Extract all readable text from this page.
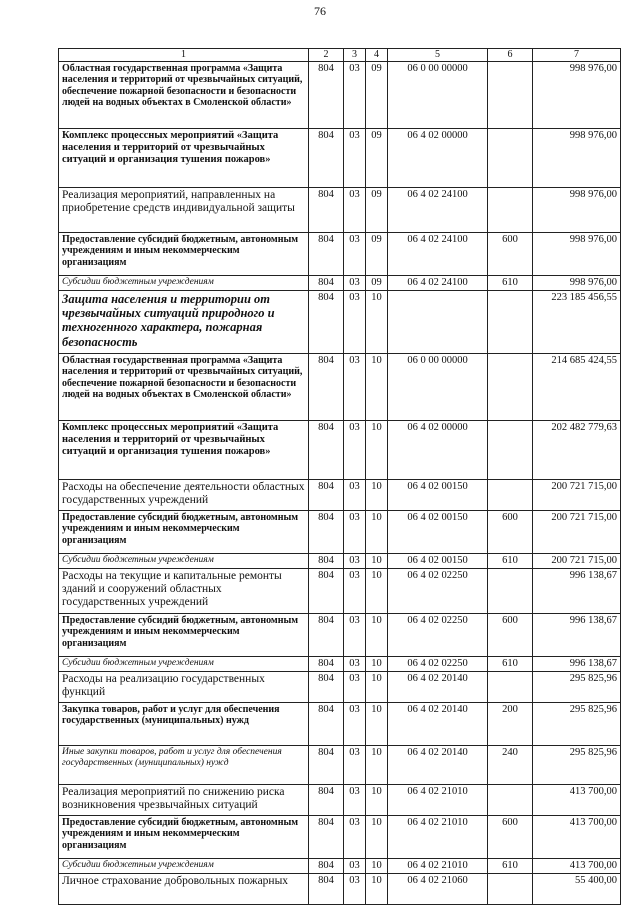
76
1	2	3	4	5	6	7
Областная государственная программа «Защита населения и территорий от чрезвычайных ситуаций, обеспечение пожарной безопасности и безопасности людей на водных объектах в Смоленской области»	804	03	09	06 0 00 00000		998 976,00
Комплекс процессных мероприятий «Защита населения и территорий от чрезвычайных ситуаций и организация тушения пожаров»	804	03	09	06 4 02 00000		998 976,00
Реализация мероприятий, направленных на приобретение средств индивидуальной защиты	804	03	09	06 4 02 24100		998 976,00
Предоставление субсидий бюджетным, автономным учреждениям и иным некоммерческим организациям	804	03	09	06 4 02 24100	600	998 976,00
Субсидии бюджетным учреждениям	804	03	09	06 4 02 24100	610	998 976,00
Защита населения и территории от чрезвычайных ситуаций природного и техногенного характера, пожарная безопасность	804	03	10			223 185 456,55
Областная государственная программа «Защита населения и территорий от чрезвычайных ситуаций, обеспечение пожарной безопасности и безопасности людей на водных объектах в Смоленской области»	804	03	10	06 0 00 00000		214 685 424,55
Комплекс процессных мероприятий «Защита населения и территорий от чрезвычайных ситуаций и организация тушения пожаров»	804	03	10	06 4 02 00000		202 482 779,63
Расходы на обеспечение деятельности областных государственных учреждений	804	03	10	06 4 02 00150		200 721 715,00
Предоставление субсидий бюджетным, автономным учреждениям и иным некоммерческим организациям	804	03	10	06 4 02 00150	600	200 721 715,00
Субсидии бюджетным учреждениям	804	03	10	06 4 02 00150	610	200 721 715,00
Расходы на текущие и капитальные ремонты зданий и сооружений областных государственных учреждений	804	03	10	06 4 02 02250		996 138,67
Предоставление субсидий бюджетным, автономным учреждениям и иным некоммерческим организациям	804	03	10	06 4 02 02250	600	996 138,67
Субсидии бюджетным учреждениям	804	03	10	06 4 02 02250	610	996 138,67
Расходы на реализацию государственных функций	804	03	10	06 4 02 20140		295 825,96
Закупка товаров, работ и услуг для обеспечения государственных (муниципальных) нужд	804	03	10	06 4 02 20140	200	295 825,96
Иные закупки товаров, работ и услуг для обеспечения государственных (муниципальных) нужд	804	03	10	06 4 02 20140	240	295 825,96
Реализация мероприятий по снижению риска возникновения чрезвычайных ситуаций	804	03	10	06 4 02 21010		413 700,00
Предоставление субсидий бюджетным, автономным учреждениям и иным некоммерческим организациям	804	03	10	06 4 02 21010	600	413 700,00
Субсидии бюджетным учреждениям	804	03	10	06 4 02 21010	610	413 700,00
Личное страхование добровольных пожарных	804	03	10	06 4 02 21060		55 400,00
